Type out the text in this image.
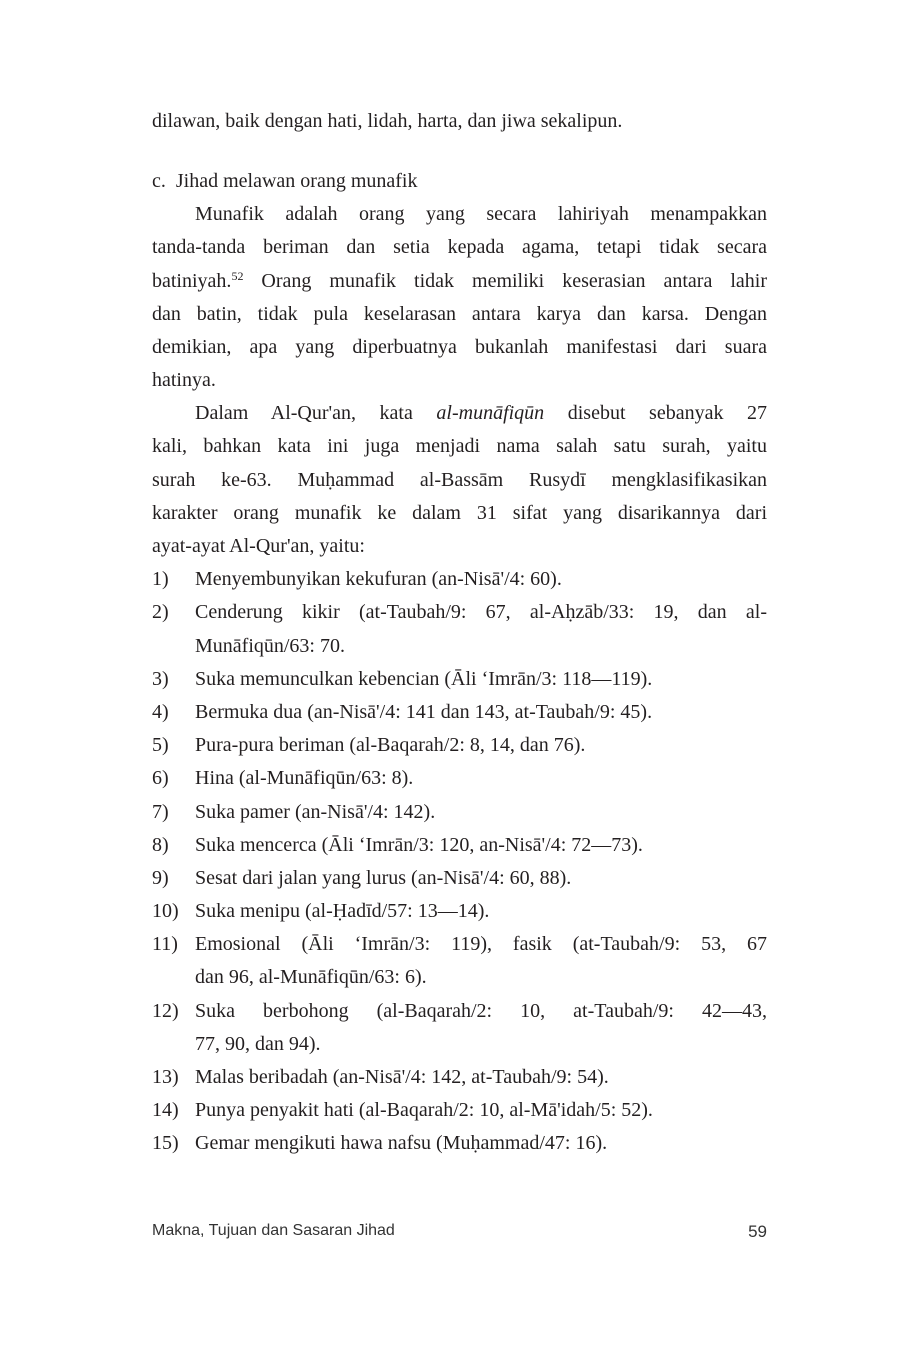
dilawan, baik dengan hati, lidah, harta, dan jiwa sekalipun.
c. Jihad melawan orang munafik
Munafik adalah orang yang secara lahiriyah menampakkan
tanda-tanda beriman dan setia kepada agama, tetapi tidak secara
batiniyah.$^{52}$ Orang munafik tidak memiliki keserasian antara lahir
dan batin, tidak pula keselarasan antara karya dan karsa. Dengan
demikian, apa yang diperbuatnya bukanlah manifestasi dari suara
hatinya.
Dalam Al-Qur'an, kata al-munāfiqūn disebut sebanyak 27
kali, bahkan kata ini juga menjadi nama salah satu surah, yaitu
surah ke-63. Muḥammad al-Bassām Rusydī mengklasifikasikan
karakter orang munafik ke dalam 31 sifat yang disarikannya dari
ayat-ayat Al-Qur'an, yaitu:
1)	Menyembunyikan kekufuran (an-Nisā'/4: 60).
2)	Cenderung kikir (at-Taubah/9: 67, al-Aḥzāb/33: 19, dan al-
Munāfiqūn/63: 70.
3)	Suka memunculkan kebencian (Āli ‘Imrān/3: 118—119).
4)	Bermuka dua (an-Nisā'/4: 141 dan 143, at-Taubah/9: 45).
5)	Pura-pura beriman (al-Baqarah/2: 8, 14, dan 76).
6)	Hina (al-Munāfiqūn/63: 8).
7)	Suka pamer (an-Nisā'/4: 142).
8)	Suka mencerca (Āli ‘Imrān/3: 120, an-Nisā'/4: 72—73).
9)	Sesat dari jalan yang lurus (an-Nisā'/4: 60, 88).
10) Suka menipu (al-Ḥadīd/57: 13—14).
11) Emosional (Āli ‘Imrān/3: 119), fasik (at-Taubah/9: 53, 67
dan 96, al-Munāfiqūn/63: 6).
12) Suka berbohong (al-Baqarah/2: 10, at-Taubah/9: 42—43,
77, 90, dan 94).
13) Malas beribadah (an-Nisā'/4: 142, at-Taubah/9: 54).
14) Punya penyakit hati (al-Baqarah/2: 10, al-Mā'idah/5: 52).
15) Gemar mengikuti hawa nafsu (Muḥammad/47: 16).
Makna, Tujuan dan Sasaran Jihad	59
